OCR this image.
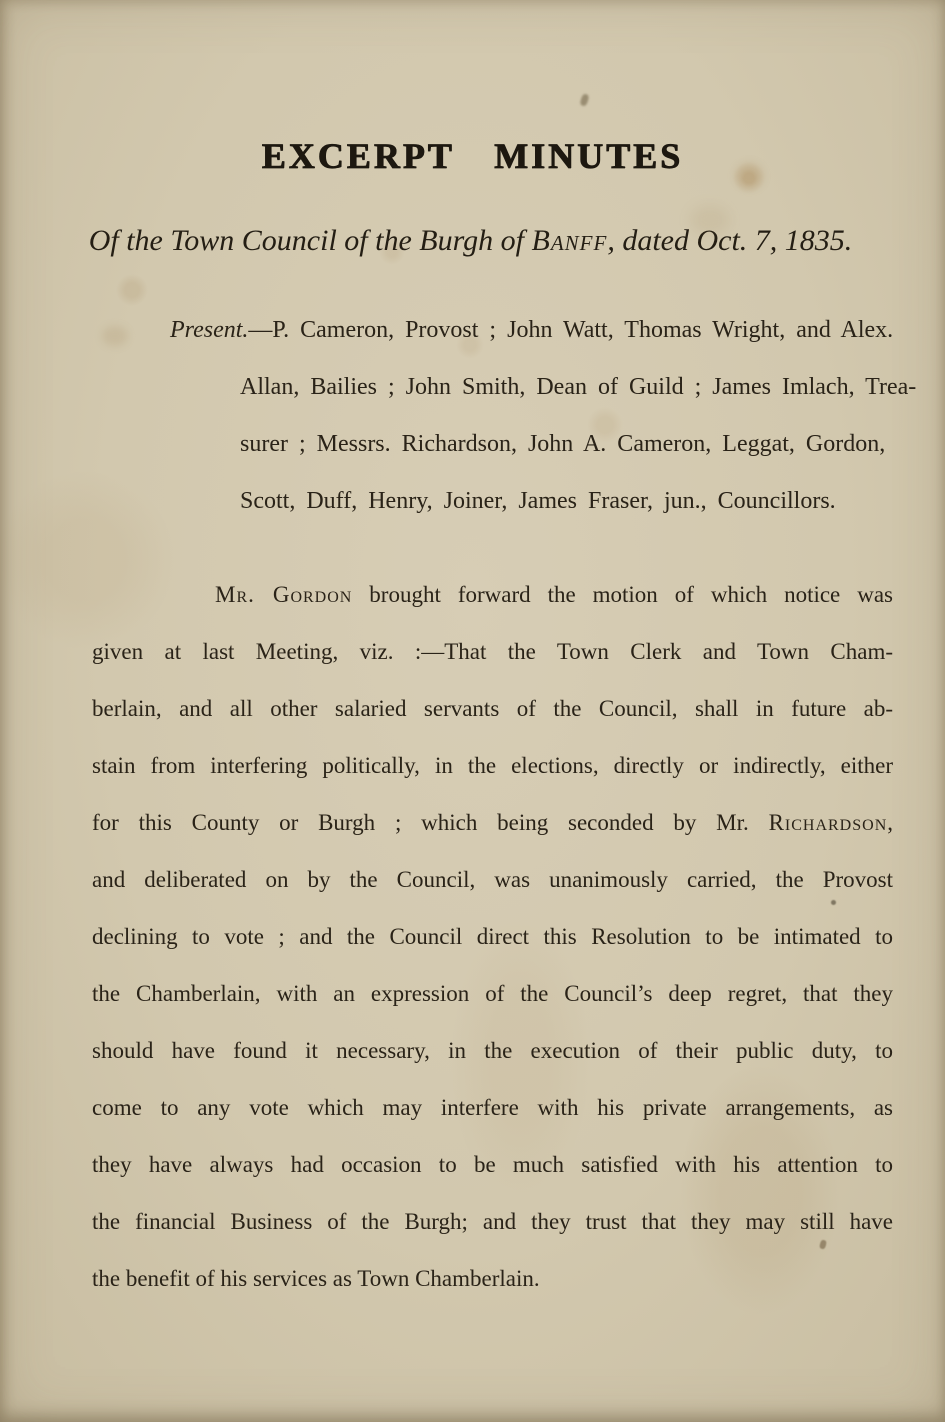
EXCERPT MINUTES

Of the Town Council of the Burgh of Banff, dated Oct. 7, 1835.

Present.—P. Cameron, Provost ; John Watt, Thomas Wright, and Alex.
Allan, Bailies ; John Smith, Dean of Guild ; James Imlach, Trea-
surer ; Messrs. Richardson, John A. Cameron, Leggat, Gordon,
Scott, Duff, Henry, Joiner, James Fraser, jun., Councillors.
Mr. Gordon brought forward the motion of which notice was
given at last Meeting, viz. :—That the Town Clerk and Town Cham-
berlain, and all other salaried servants of the Council, shall in future ab-
stain from interfering politically, in the elections, directly or indirectly, either
for this County or Burgh ; which being seconded by Mr. Richardson,
and deliberated on by the Council, was unanimously carried, the Provost
declining to vote ; and the Council direct this Resolution to be intimated to
the Chamberlain, with an expression of the Council’s deep regret, that they
should have found it necessary, in the execution of their public duty, to
come to any vote which may interfere with his private arrangements, as
they have always had occasion to be much satisfied with his attention to
the financial Business of the Burgh; and they trust that they may still have
the benefit of his services as Town Chamberlain.
